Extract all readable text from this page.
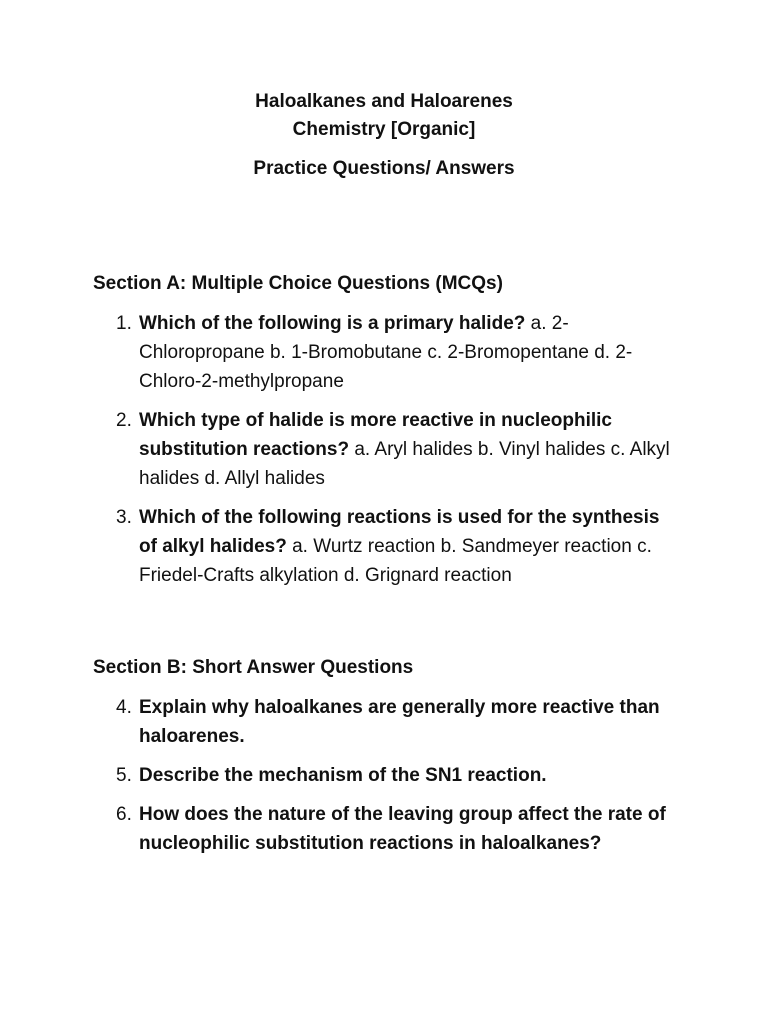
Haloalkanes and Haloarenes
Chemistry [Organic]
Practice Questions/ Answers
Section A: Multiple Choice Questions (MCQs)
1. Which of the following is a primary halide? a. 2-Chloropropane b. 1-Bromobutane c. 2-Bromopentane d. 2-Chloro-2-methylpropane
2. Which type of halide is more reactive in nucleophilic substitution reactions? a. Aryl halides b. Vinyl halides c. Alkyl halides d. Allyl halides
3. Which of the following reactions is used for the synthesis of alkyl halides? a. Wurtz reaction b. Sandmeyer reaction c. Friedel-Crafts alkylation d. Grignard reaction
Section B: Short Answer Questions
4. Explain why haloalkanes are generally more reactive than haloarenes.
5. Describe the mechanism of the SN1 reaction.
6. How does the nature of the leaving group affect the rate of nucleophilic substitution reactions in haloalkanes?
